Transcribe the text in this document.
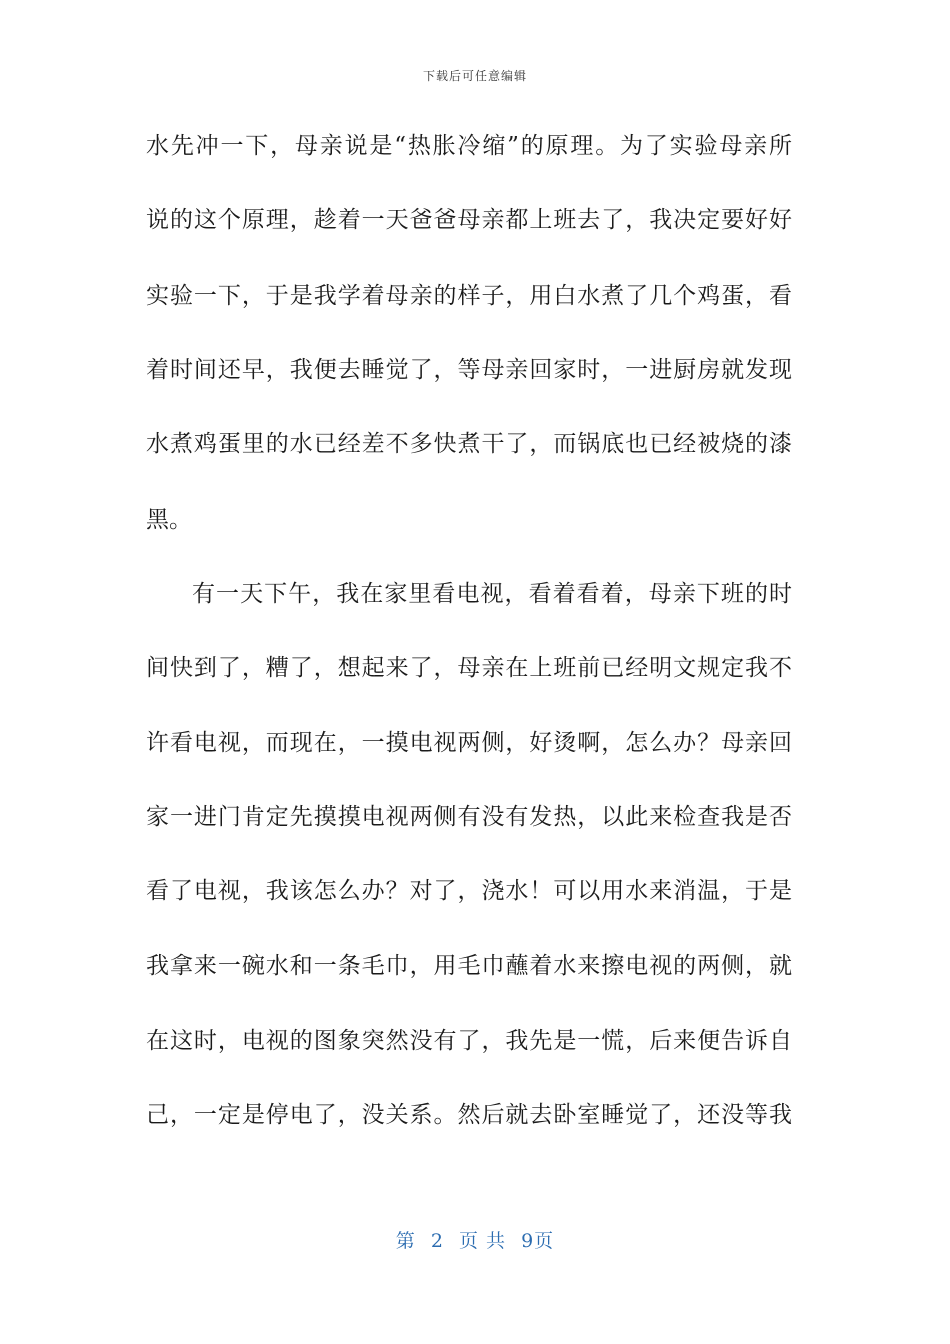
下载后可任意编辑
水先冲一下，母亲说是“热胀冷缩”的原理。为了实验母亲所
说的这个原理，趁着一天爸爸母亲都上班去了，我决定要好好
实验一下，于是我学着母亲的样子，用白水煮了几个鸡蛋，看
着时间还早，我便去睡觉了，等母亲回家时，一进厨房就发现
水煮鸡蛋里的水已经差不多快煮干了，而锅底也已经被烧的漆
黑。
有一天下午，我在家里看电视，看着看着，母亲下班的时
间快到了，糟了，想起来了，母亲在上班前已经明文规定我不
许看电视，而现在，一摸电视两侧，好烫啊，怎么办？母亲回
家一进门肯定先摸摸电视两侧有没有发热，以此来检查我是否
看了电视，我该怎么办？对了，浇水！可以用水来消温，于是
我拿来一碗水和一条毛巾，用毛巾蘸着水来擦电视的两侧，就
在这时，电视的图象突然没有了，我先是一慌，后来便告诉自
己，一定是停电了，没关系。然后就去卧室睡觉了，还没等我
第 2 页 共 9页
